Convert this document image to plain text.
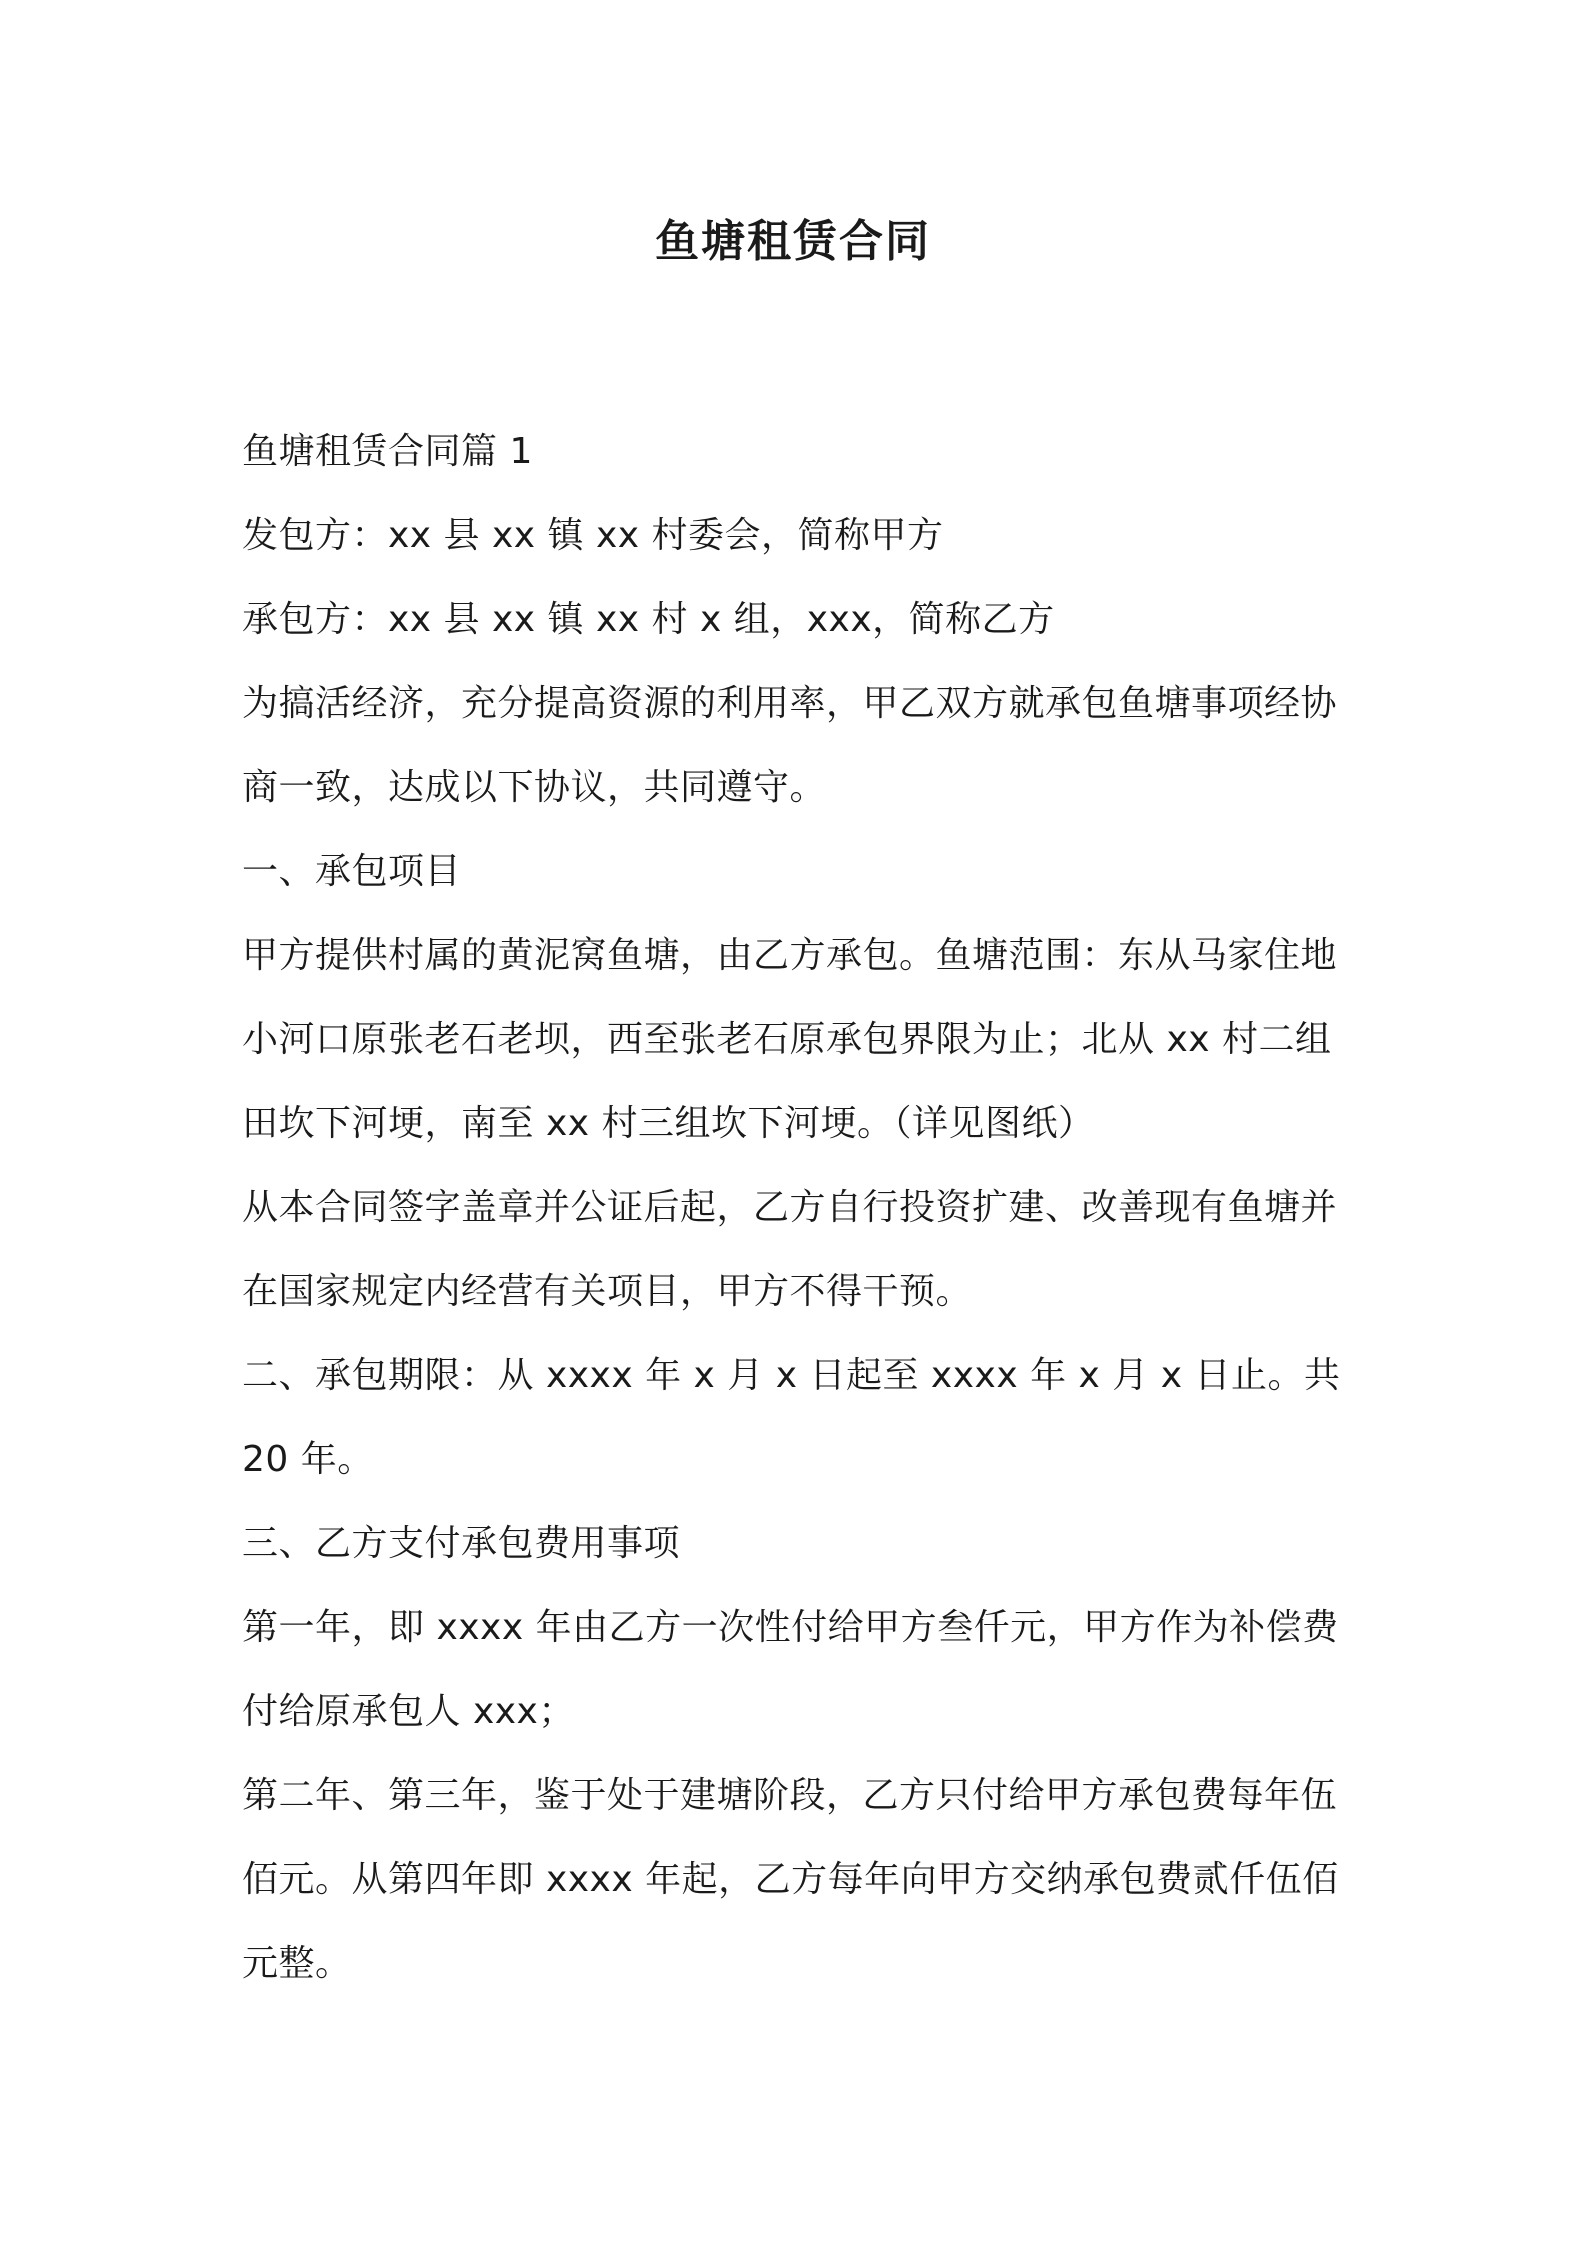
鱼塘租赁合同

鱼塘租赁合同篇 1

发包方：xx 县 xx 镇 xx 村委会，简称甲方

承包方：xx 县 xx 镇 xx 村 x 组，xxx，简称乙方

为搞活经济，充分提高资源的利用率，甲乙双方就承包鱼塘事项经协商一致，达成以下协议，共同遵守。

一、承包项目

甲方提供村属的黄泥窝鱼塘，由乙方承包。鱼塘范围：东从马家住地小河口原张老石老坝，西至张老石原承包界限为止；北从 xx 村二组田坎下河埂，南至 xx 村三组坎下河埂。（详见图纸）

从本合同签字盖章并公证后起，乙方自行投资扩建、改善现有鱼塘并在国家规定内经营有关项目，甲方不得干预。

二、承包期限：从 xxxx 年 x 月 x 日起至 xxxx 年 x 月 x 日止。共 20 年。

三、乙方支付承包费用事项

第一年，即 xxxx 年由乙方一次性付给甲方叁仟元，甲方作为补偿费付给原承包人 xxx；

第二年、第三年，鉴于处于建塘阶段，乙方只付给甲方承包费每年伍佰元。从第四年即 xxxx 年起，乙方每年向甲方交纳承包费贰仟伍佰元整。
